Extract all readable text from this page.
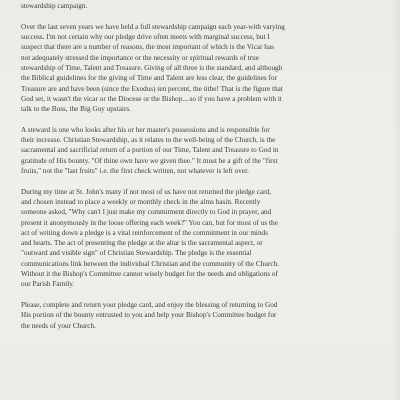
stewardship campaign.
Over the last seven years we have held a full stewardship campaign each year-with varying
success. I'm not certain why our pledge drive often meets with marginal success, but I
suspect that there are a number of reasons, the most important of which is the Vicar has
not adequately stressed the importance or the necessity or spiritual rewards of true
stewardship of Time, Talent and Treasure. Giving of all three is the standard, and although
the Biblical guidelines for the giving of Time and Talent are less clear, the guidelines for
Treasure are and have been (since the Exodus) ten percent, the tithe! That is the figure that
God set, it wasn't the vicar or the Diocese or the Bishop....so if you have a problem with it
talk to the Boss, the Big Guy upstairs.
A steward is one who looks after his or her master's possessions and is responsible for
their increase. Christian Stewardship, as it relates to the well-being of the Church, is the
sacramental and sacrificial return of a portion of our Time, Talent and Treasure to God in
gratitude of His bounty. "Of thine own have we given thee." It must be a gift of the "first
fruits," not the "last fruits" i.e. the first check written, not whatever is left over.
During my time at St. John's many if not most of us have not returned the pledge card,
and chosen instead to place a weekly or monthly check in the alms basin. Recently
someone asked, "Why can't I just make my commitment directly to God in prayer, and
present it anonymously in the loose offering each week?" You can, but for most of us the
act of writing down a pledge is a vital reinforcement of the commitment in our minds
and hearts. The act of presenting the pledge at the altar is the sacramental aspect, or
"outward and visible sign" of Christian Stewardship. The pledge is the essential
communications link between the individual Christian and the community of the Church.
Without it the Bishop's Committee cannot wisely budget for the needs and obligations of
our Parish Family.
Please, complete and return your pledge card, and enjoy the blessing of returning to God
His portion of the bounty entrusted to you and help your Bishop's Committee budget for
the needs of your Church.
